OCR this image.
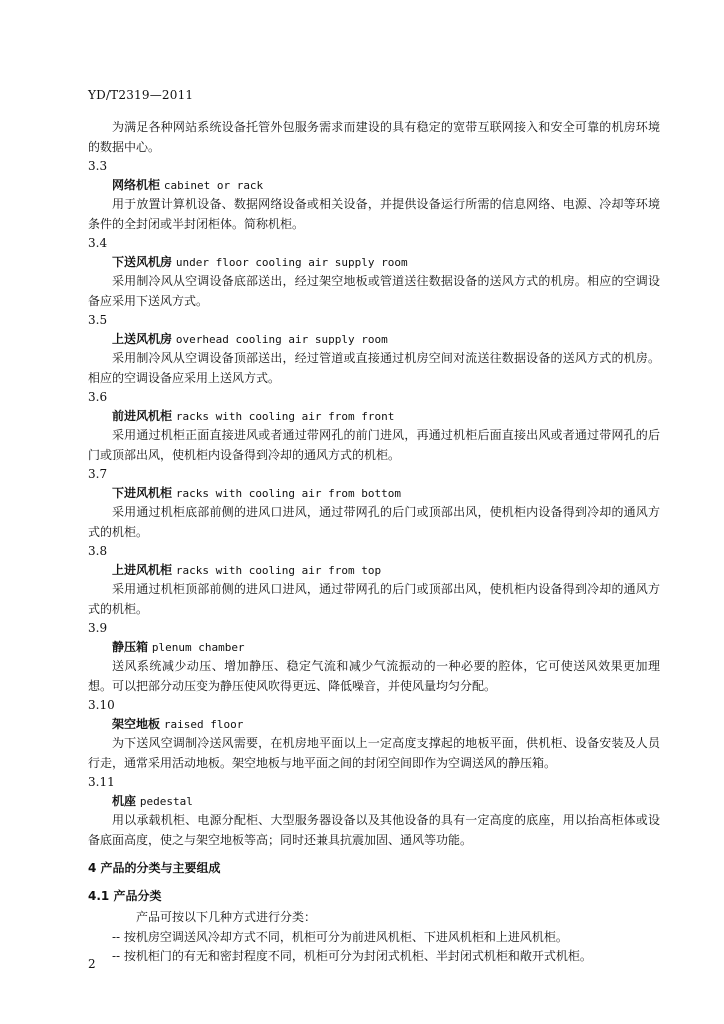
YD/T2319—2011

为满足各种网站系统设备托管外包服务需求而建设的具有稳定的宽带互联网接入和安全可靠的机房环境的数据中心。

3.3

网络机柜 cabinet or rack

用于放置计算机设备、数据网络设备或相关设备，并提供设备运行所需的信息网络、电源、冷却等环境条件的全封闭或半封闭柜体。简称机柜。

3.4

下送风机房 under floor cooling air supply room

采用制冷风从空调设备底部送出，经过架空地板或管道送往数据设备的送风方式的机房。相应的空调设备应采用下送风方式。

3.5

上送风机房 overhead cooling air supply room

采用制冷风从空调设备顶部送出，经过管道或直接通过机房空间对流送往数据设备的送风方式的机房。相应的空调设备应采用上送风方式。

3.6

前进风机柜 racks with cooling air from front

采用通过机柜正面直接进风或者通过带网孔的前门进风，再通过机柜后面直接出风或者通过带网孔的后门或顶部出风，使机柜内设备得到冷却的通风方式的机柜。

3.7

下进风机柜 racks with cooling air from bottom

采用通过机柜底部前侧的进风口进风，通过带网孔的后门或顶部出风，使机柜内设备得到冷却的通风方式的机柜。

3.8

上进风机柜 racks with cooling air from top

采用通过机柜顶部前侧的进风口进风，通过带网孔的后门或顶部出风，使机柜内设备得到冷却的通风方式的机柜。

3.9

静压箱 plenum chamber

送风系统减少动压、增加静压、稳定气流和减少气流振动的一种必要的腔体，它可使送风效果更加理想。可以把部分动压变为静压使风吹得更远、降低噪音，并使风量均匀分配。

3.10

架空地板 raised floor

为下送风空调制冷送风需要，在机房地平面以上一定高度支撑起的地板平面，供机柜、设备安装及人员行走，通常采用活动地板。架空地板与地平面之间的封闭空间即作为空调送风的静压箱。

3.11

机座 pedestal

用以承载机柜、电源分配柜、大型服务器设备以及其他设备的具有一定高度的底座，用以抬高柜体或设备底面高度，使之与架空地板等高；同时还兼具抗震加固、通风等功能。

4 产品的分类与主要组成
4.1 产品分类

产品可按以下几种方式进行分类：

-- 按机房空调送风冷却方式不同，机柜可分为前进风机柜、下进风机柜和上进风机柜。

-- 按机柜门的有无和密封程度不同，机柜可分为封闭式机柜、半封闭式机柜和敞开式机柜。

2
